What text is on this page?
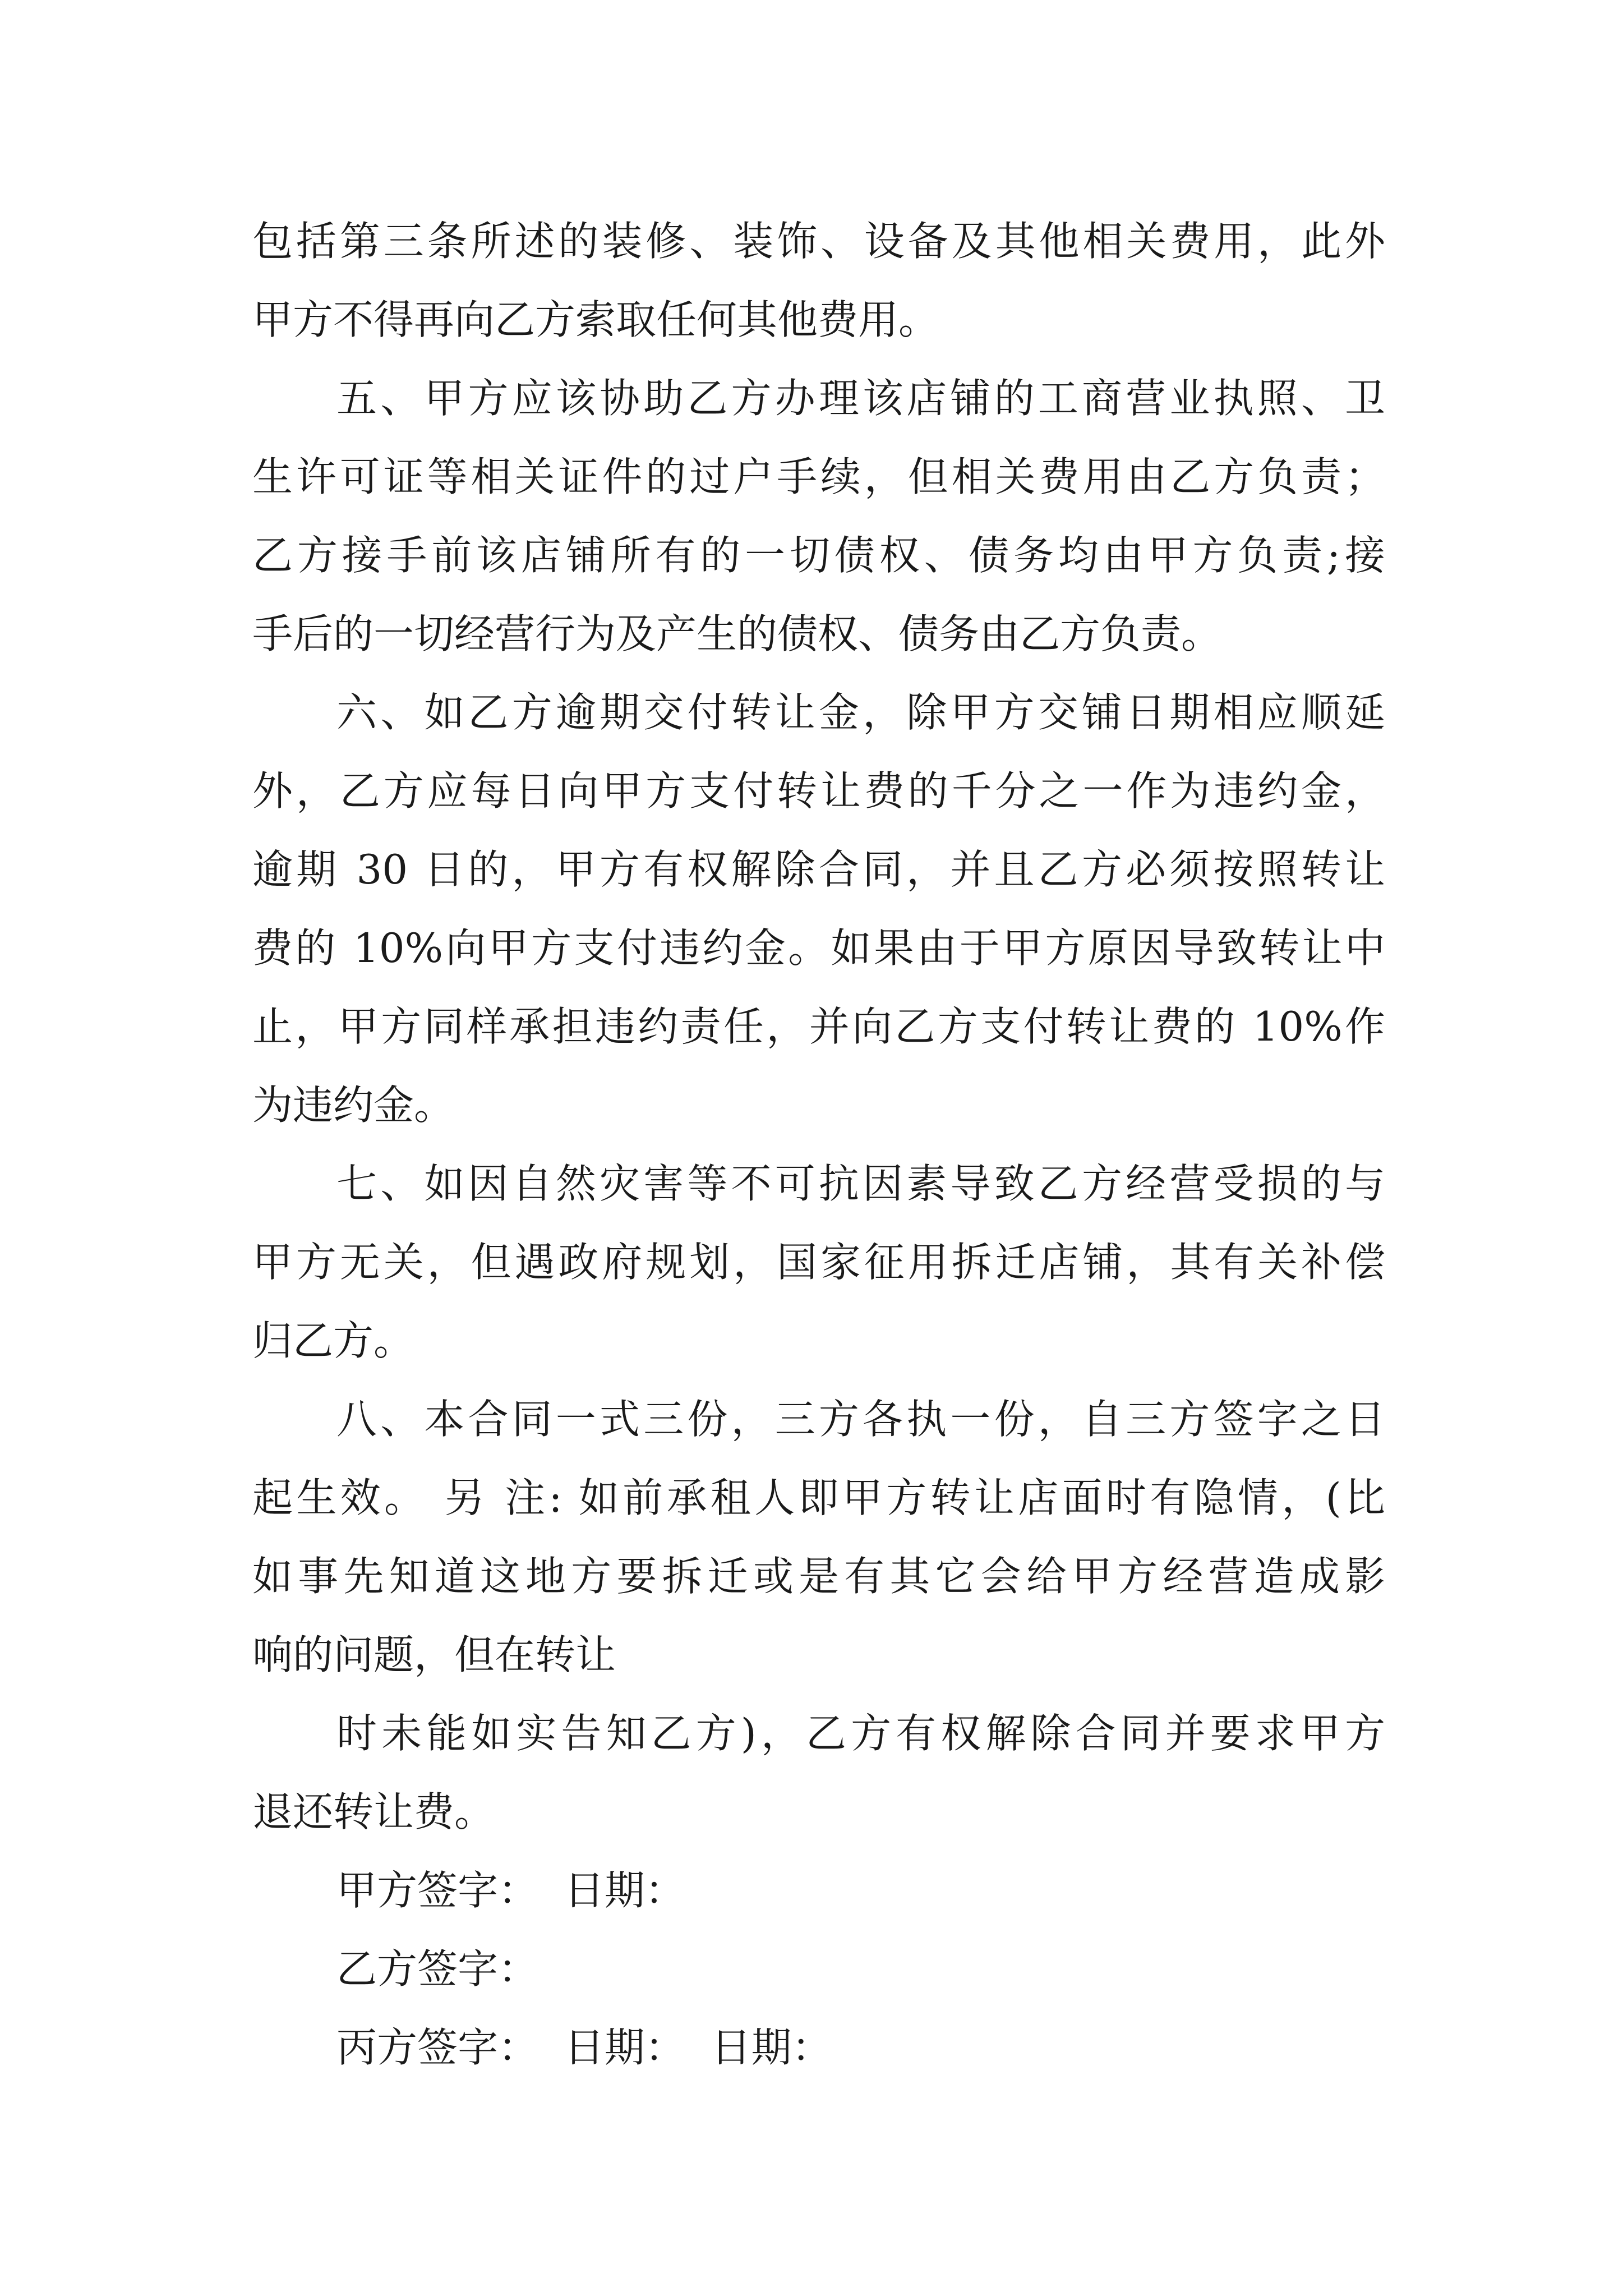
包括第三条所述的装修、装饰、设备及其他相关费用，此外
甲方不得再向乙方索取任何其他费用。
五、甲方应该协助乙方办理该店铺的工商营业执照、卫
生许可证等相关证件的过户手续，但相关费用由乙方负责；
乙方接手前该店铺所有的一切债权、债务均由甲方负责;接
手后的一切经营行为及产生的债权、债务由乙方负责。
六、如乙方逾期交付转让金，除甲方交铺日期相应顺延
外，乙方应每日向甲方支付转让费的千分之一作为违约金，
逾期 30 日的，甲方有权解除合同，并且乙方必须按照转让
费的 10%向甲方支付违约金。如果由于甲方原因导致转让中
止，甲方同样承担违约责任，并向乙方支付转让费的 10%作
为违约金。
七、如因自然灾害等不可抗因素导致乙方经营受损的与
甲方无关，但遇政府规划，国家征用拆迁店铺，其有关补偿
归乙方。
八、本合同一式三份，三方各执一份，自三方签字之日
起生效。 另 注: 如前承租人即甲方转让店面时有隐情，(比
如事先知道这地方要拆迁或是有其它会给甲方经营造成影
响的问题，但在转让
时未能如实告知乙方)，乙方有权解除合同并要求甲方
退还转让费。
甲方签字：  日期：
乙方签字：
丙方签字：  日期：  日期：
